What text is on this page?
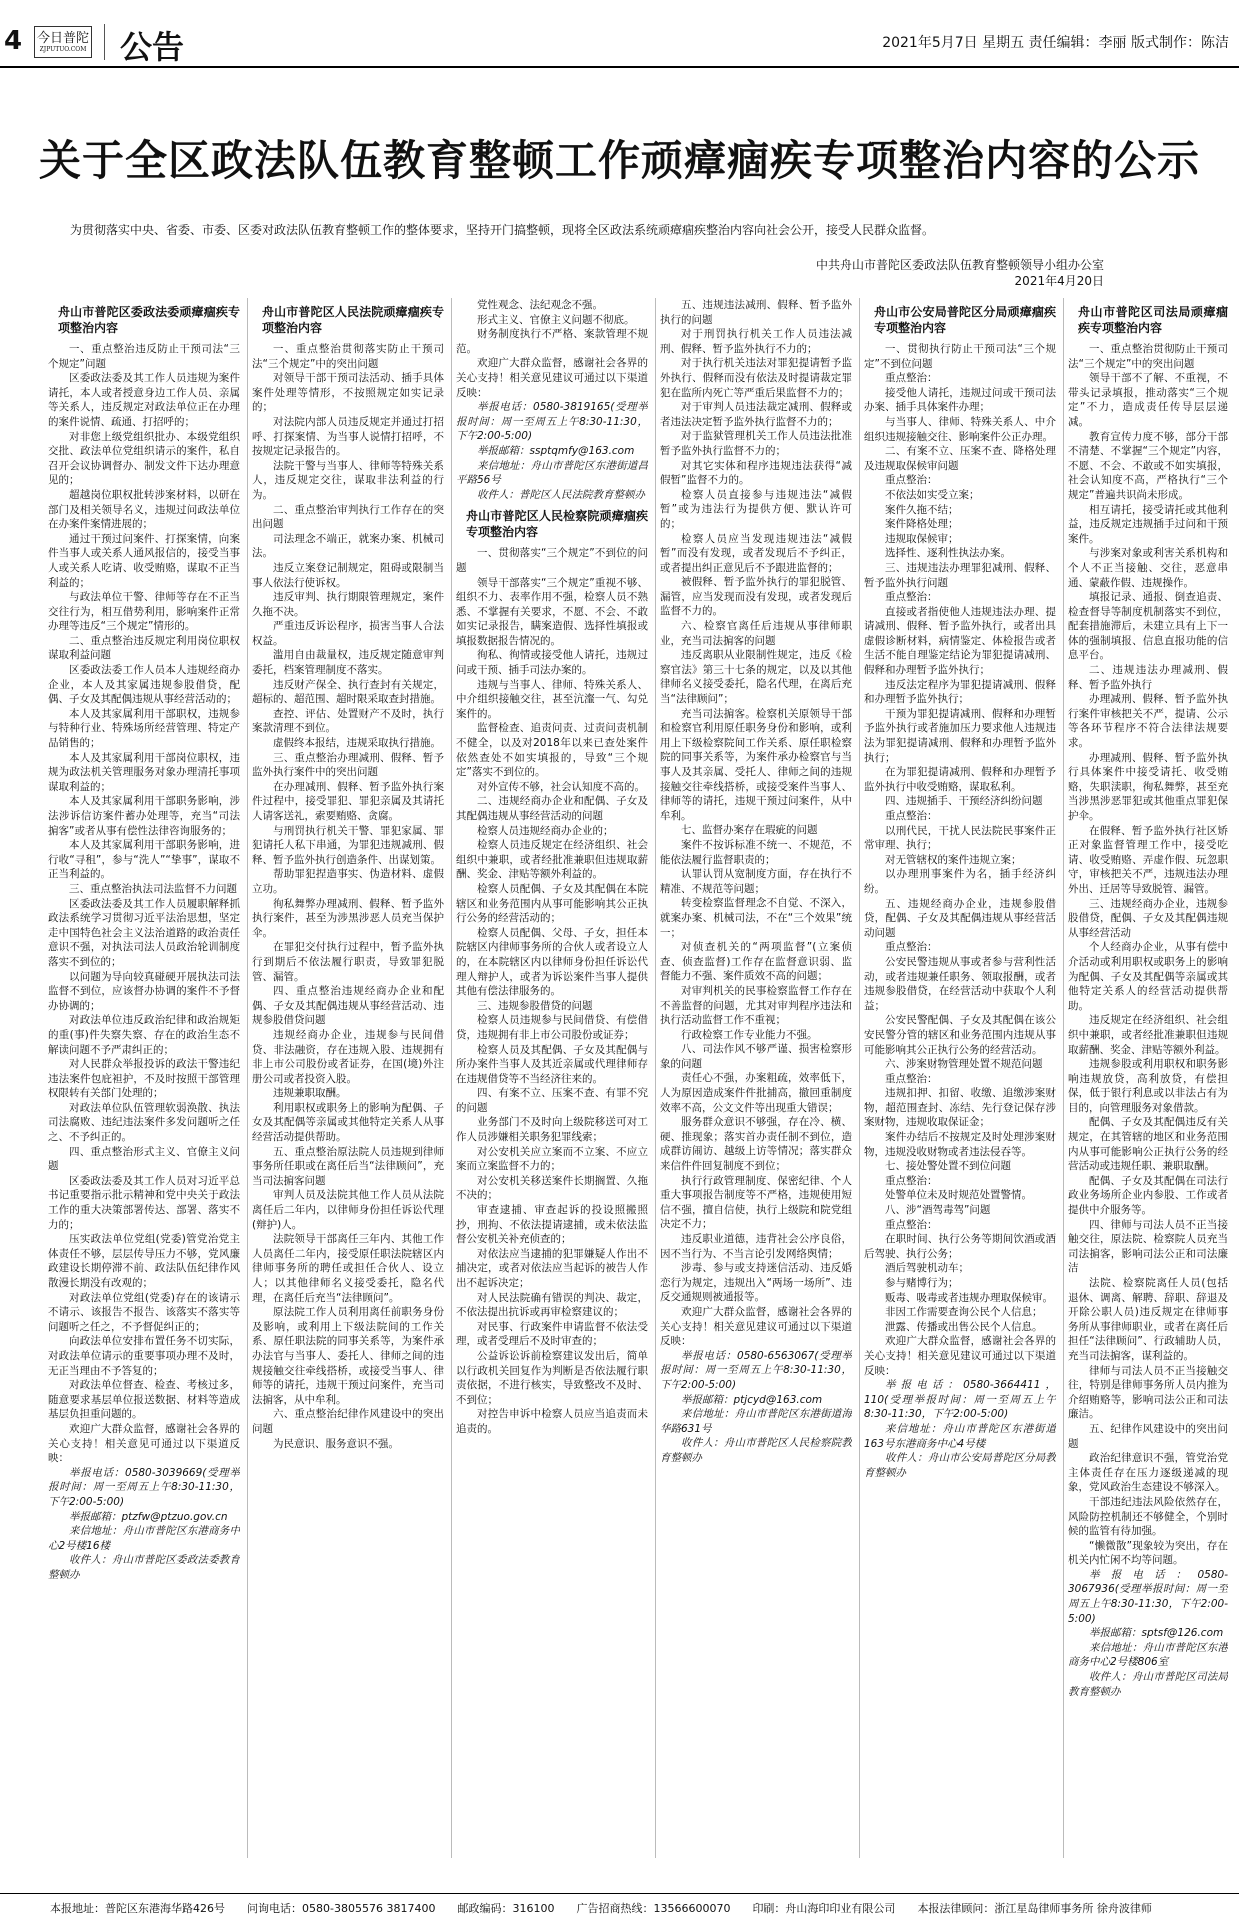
4 今日普陀
ZJPUTUO.COM 公告	2021年5月7日 星期五 责任编辑：李丽 版式制作：陈洁
关于全区政法队伍教育整顿工作顽瘴痼疾专项整治内容的公示
为贯彻落实中央、省委、市委、区委对政法队伍教育整顿工作的整体要求，坚持开门搞整顿，现将全区政法系统顽瘴痼疾整治内容向社会公开，接受人民群众监督。
中共舟山市普陀区委政法队伍教育整顿领导小组办公室
2021年4月20日
舟山市普陀区委政法委顽瘴痼疾专项整治内容

一、重点整治违反防止干预司法“三个规定”问题

区委政法委及其工作人员违规为案件请托，本人或者授意身边工作人员、亲属等关系人，违反规定对政法单位正在办理的案件说情、疏通、打招呼的；

对非您上级党组织批办、本级党组织交批、政法单位党组织请示的案件，私自召开会议协调督办、制发文件下达办理意见的；

超越岗位职权批转涉案材料，以研在部门及相关领导名义，违规过问政法单位在办案件案情进展的；

通过干预过问案件、打探案情，向案件当事人或关系人通风报信的，接受当事人或关系人吃请、收受贿赂，谋取不正当利益的；

与政法单位干警、律师等存在不正当交往行为，相互借势利用，影响案件正常办理等违反“三个规定”情形的。

二、重点整治违反规定利用岗位职权谋取利益问题

区委政法委工作人员本人违规经商办企业，本人及其家属违规参股借贷，配偶、子女及其配偶违规从事经营活动的；

本人及其家属利用干部职权，违规参与特种行业、特殊场所经营管理、特定产品销售的；

本人及其家属利用干部岗位职权，违规为政法机关管理服务对象办理清托事项谋取利益的；

本人及其家属利用干部职务影响，涉法涉诉信访案件蓄办处理等，充当“司法掮客”或者从事有偿性法律咨询服务的；

本人及其家属利用干部职务影响，进行收“寻租”，参与“洗人”“挚事”，谋取不正当利益的。

三、重点整治执法司法监督不力问题

区委政法委及其工作人员履职解释抓政法系统学习贯彻习近平法治思想，坚定走中国特色社会主义法治道路的政治责任意识不强，对执法司法人员政治轮训制度落实不到位的；

以问题为导向较真碰硬开展执法司法监督不到位，应该督办协调的案件不予督办协调的；

对政法单位违反政治纪律和政治规矩的重(事)件失察失察、存在的政治生态不解读问题不予严肃纠正的；

对人民群众举报投诉的政法干警违纪违法案件包庇袒护，不及时按照干部管理权限转有关部门处理的；

对政法单位队伍管理软弱涣散、执法司法腐败、违纪违法案件多发问题听之任之、不予纠正的。

四、重点整治形式主义、官僚主义问题

区委政法委及其工作人员对习近平总书记重要指示批示精神和党中央关于政法工作的重大决策部署传达、部署、落实不力的；

压实政法单位党组(党委)管党治党主体责任不够，层层传导压力不够，党风廉政建设长期停滞不前、政法队伍纪律作风散漫长期没有改观的；

对政法单位党组(党委)存在的该请示不请示、该报告不报告、该落实不落实等问题听之任之，不予督促纠正的；

向政法单位安排布置任务不切实际，对政法单位请示的重要事项办理不及时，无正当理由不予答复的；

对政法单位督查、检查、考核过多，随意要求基层单位报送数据、材料等造成基层负担重问题的。

欢迎广大群众监督，感谢社会各界的关心支持！相关意见可通过以下渠道反映：

举报电话：0580-3039669(受理举报时间：周一至周五上午8:30-11:30，下午2:00-5:00)

举报邮箱：ptzfw@ptzuo.gov.cn

来信地址：舟山市普陀区东港商务中心2号楼16楼

收件人：舟山市普陀区委政法委教育整顿办

舟山市普陀区人民法院顽瘴痼疾专项整治内容

一、重点整治贯彻落实防止干预司法“三个规定”中的突出问题

对领导干部干预司法活动、插手具体案件处理等情形，不按照规定如实记录的；

对法院内部人员违反规定并通过打招呼、打探案情、为当事人说情打招呼，不按规定记录报告的。

法院干警与当事人、律师等特殊关系人，违反规定交往，谋取非法利益的行为。

二、重点整治审判执行工作存在的突出问题

司法理念不端正，就案办案、机械司法。

违反立案登记制规定，阻碍或限制当事人依法行使诉权。

违反审判、执行期限管理规定，案件久拖不决。

严重违反诉讼程序，损害当事人合法权益。

滥用自由裁量权，违反规定随意审判委托，档案管理制度不落实。

违反财产保全、执行查封有关规定，超标的、超范围、超时限采取查封措施。

查控、评估、处置财产不及时，执行案款清理不到位。

虚假终本报结，违规采取执行措施。

三、重点整治办理减刑、假释、暂予监外执行案件中的突出问题

在办理减刑、假释、暂予监外执行案件过程中，接受罪犯、罪犯亲属及其请托人请客送礼，索要贿赂、贪腐。

与刑罚执行机关干警、罪犯家属、罪犯请托人私下串通，为罪犯违规减刑、假释、暂予监外执行创造条件、出谋划策。

帮助罪犯捏造事实、伪造材料、虚假立功。

徇私舞弊办理减刑、假释、暂予监外执行案件，甚至为涉黑涉恶人员充当保护伞。

在罪犯交付执行过程中，暂予监外执行到期后不依法履行职责，导致罪犯脱管、漏管。

四、重点整治违规经商办企业和配偶、子女及其配偶违规从事经营活动、违规参股借贷问题

违规经商办企业，违规参与民间借贷、非法融资，存在违规入股、违规拥有非上市公司股份或者证券，在国(境)外注册公司或者投资入股。

违规兼职取酬。

利用职权或职务上的影响为配偶、子女及其配偶等亲属或其他特定关系人从事经营活动提供帮助。

五、重点整治原法院人员违规到律师事务所任职或在离任后当“法律顾问”，充当司法掮客问题

审判人员及法院其他工作人员从法院离任后二年内，以律师身份担任诉讼代理(辩护)人。

法院领导干部离任三年内、其他工作人员离任二年内，接受原任职法院辖区内律师事务所的聘任或担任合伙人、设立人；以其他律师名义接受委托，隐名代理，在离任后充当“法律顾问”。

原法院工作人员利用离任前职务身份及影响，或利用上下级法院间的工作关系、原任职法院的同事关系等，为案件承办法官与当事人、委托人、律师之间的违规接触交往牵线搭桥，或接受当事人、律师等的请托，违规干预过问案件，充当司法掮客，从中牟利。

六、重点整治纪律作风建设中的突出问题

为民意识、服务意识不强。

党性观念、法纪观念不强。

形式主义、官僚主义问题不彻底。

财务制度执行不严格、案款管理不规范。

欢迎广大群众监督，感谢社会各界的关心支持！相关意见建议可通过以下渠道反映：

举报电话：0580-3819165(受理举报时间：周一至周五上午8:30-11:30，下午2:00-5:00)

举报邮箱：ssptqmfy@163.com

来信地址：舟山市普陀区东港街道昌平路56号

收件人：普陀区人民法院教育整顿办

舟山市普陀区人民检察院顽瘴痼疾专项整治内容

一、贯彻落实“三个规定”不到位的问题

领导干部落实“三个规定”重视不够、组织不力、表率作用不强，检察人员不熟悉、不掌握有关要求，不愿、不会、不敢如实记录报告，瞒案造假、选择性填报或填报数据报告情况的。

徇私、徇情或接受他人请托，违规过问或干预、插手司法办案的。

违规与当事人、律师、特殊关系人、中介组织接触交往，甚至沆瀣一气、勾兑案件的。

监督检查、追责问责、过责问责机制不健全，以及对2018年以来已查处案件依然查处不如实填报的，导致“三个规定”落实不到位的。

对外宣传不够，社会认知度不高的。

二、违规经商办企业和配偶、子女及其配偶违规从事经营活动的问题

检察人员违规经商办企业的；

检察人员违反规定在经济组织、社会组织中兼职，或者经批准兼职但违规取薪酬、奖金、津贴等额外利益的。

检察人员配偶、子女及其配偶在本院辖区和业务范围内从事可能影响其公正执行公务的经营活动的；

检察人员配偶、父母、子女，担任本院辖区内律师事务所的合伙人或者设立人的，在本院辖区内以律师身份担任诉讼代理人辩护人，或者为诉讼案件当事人提供其他有偿法律服务的。

三、违规参股借贷的问题

检察人员违规参与民间借贷、有偿借贷，违规拥有非上市公司股份或证券；

检察人员及其配偶、子女及其配偶与所办案件当事人及其近亲属或代理律师存在违规借贷等不当经济往来的。

四、有案不立、压案不查、有罪不究的问题

业务部门不及时向上级院移送可对工作人员涉嫌相关职务犯罪线索；

对公安机关应立案而不立案、不应立案而立案监督不力的；

对公安机关移送案件长期搁置、久拖不决的；

审查逮捕、审查起诉的投设照搬照抄，刑拘、不依法提请逮捕，或未依法监督公安机关补充侦查的；

对依法应当逮捕的犯罪嫌疑人作出不捕决定，或者对依法应当起诉的被告人作出不起诉决定；

对人民法院确有错误的判决、裁定，不依法提出抗诉或再审检察建议的；

对民事、行政案件申请监督不依法受理，或者受理后不及时审查的；

公益诉讼诉前检察建议发出后，简单以行政机关回复作为判断是否依法履行职责依据，不进行核实，导致整改不及时、不到位；

对控告申诉中检察人员应当追责而未追责的。

五、违规违法减刑、假释、暂予监外执行的问题

对于刑罚执行机关工作人员违法减刑、假释、暂予监外执行不力的；

对于执行机关违法对罪犯提请暂予监外执行、假释而没有依法及时提请裁定罪犯在监所内死亡等严重后果监督不力的；

对于审判人员违法裁定减刑、假释或者违法决定暂予监外执行监督不力的；

对于监狱管理机关工作人员违法批准暂予监外执行监督不力的；

对其它实体和程序违规违法获得“减假暂”监督不力的。

检察人员直接参与违规违法“减假暂”或为违法行为提供方便、默认许可的；

检察人员应当发现违规违法“减假暂”而没有发现，或者发现后不予纠正，或者提出纠正意见后不予跟进监督的；

被假释、暂予监外执行的罪犯脱管、漏管，应当发现而没有发现，或者发现后监督不力的。

六、检察官离任后违规从事律师职业，充当司法掮客的问题

违反离职从业限制性规定，违反《检察官法》第三十七条的规定，以及以其他律师名义接受委托，隐名代理，在离后充当“法律顾问”；

充当司法掮客。检察机关原领导干部和检察官利用原任职务身份和影响，或利用上下级检察院间工作关系、原任职检察院的同事关系等，为案件承办检察官与当事人及其亲属、受托人、律师之间的违规接触交往牵线搭桥，或接受案件当事人、律师等的请托，违规干预过问案件，从中牟利。

七、监督办案存在瑕疵的问题

案件不按诉标准不统一、不规范，不能依法履行监督职责的；

认罪认罚从宽制度方面，存在执行不精准、不规范等问题；

转变检察监督理念不自觉、不深入，就案办案、机械司法，不在“三个效果”统一；

对侦查机关的“两项监督”(立案侦查、侦查监督)工作存在监督意识弱、监督能力不强、案件质效不高的问题；

对审判机关的民事检察监督工作存在不善监督的问题，尤其对审判程序违法和执行活动监督工作不重视；

行政检察工作专业能力不强。

八、司法作风不够严谨、损害检察形象的问题

责任心不强，办案粗疏，效率低下，人为原因造成案件件批捕高，撤回重制度效率不高，公文文件等出现重大错误；

服务群众意识不够强，存在冷、横、硬、推现象；落实首办责任制不到位，造成群访闹访、越级上访等情况；落实群众来信件件回复制度不到位；

执行行政管理制度、保密纪律、个人重大事项报告制度等不严格，违规使用短信不强，擅自信使，执行上级院和院党组决定不力；

违反职业道德，违背社会公序良俗，因不当行为、不当言论引发网络舆情；

涉毒、参与或支持迷信活动、违反婚恋行为规定，违规出入“两场一场所”、违反交通规则被通报等。

欢迎广大群众监督，感谢社会各界的关心支持！相关意见建议可通过以下渠道反映：

举报电话：0580-6563067(受理举报时间：周一至周五上午8:30-11:30，下午2:00-5:00)

举报邮箱：ptjcyd@163.com

来信地址：舟山市普陀区东港街道海华路631号

收件人：舟山市普陀区人民检察院教育整顿办

舟山市公安局普陀区分局顽瘴痼疾专项整治内容

一、贯彻执行防止干预司法“三个规定”不到位问题

重点整治：

接受他人请托，违规过问或干预司法办案、插手具体案件办理；

与当事人、律师、特殊关系人、中介组织违规接触交往、影响案件公正办理。

二、有案不立、压案不查、降格处理及违规取保候审问题

重点整治：

不依法如实受立案；

案件久拖不结；

案件降格处理；

违规取保候审；

选择性、逐利性执法办案。

三、违规违法办理罪犯减刑、假释、暂予监外执行问题

重点整治：

直接或者指使他人违规违法办理、提请减刑、假释、暂予监外执行，或者出具虚假诊断材料，病情鉴定、体检报告或者生活不能自理鉴定结论为罪犯提请减刑、假释和办理暂予监外执行；

违反法定程序为罪犯提请减刑、假释和办理暂予监外执行；

干预为罪犯提请减刑、假释和办理暂予监外执行或者施加压力要求他人违规违法为罪犯提请减刑、假释和办理暂予监外执行；

在为罪犯提请减刑、假释和办理暂予监外执行中收受贿赂，谋取私利。

四、违规插手、干预经济纠纷问题

重点整治：

以刑代民，干扰人民法院民事案件正常审理、执行；

对无管辖权的案件违规立案；

以办理刑事案件为名，插手经济纠纷。

五、违规经商办企业，违规参股借贷，配偶、子女及其配偶违规从事经营活动问题

重点整治：

公安民警违规从事或者参与营利性活动，或者违规兼任职务、领取报酬，或者违规参股借贷，在经营活动中获取个人利益；

公安民警配偶、子女及其配偶在该公安民警分管的辖区和业务范围内违规从事可能影响其公正执行公务的经营活动。

六、涉案财物管理处置不规范问题

重点整治：

违规扣押、扣留、收缴、追缴涉案财物，超范围查封、冻结、先行登记保存涉案财物，违规收取保证金；

案件办结后不按规定及时处理涉案财物，违规没收财物或者违法侵吞等。

七、接处警处置不到位问题

重点整治：

处警单位未及时规范处置警情。

八、涉“酒驾毒驾”问题

重点整治：

在职时间、执行公务等期间饮酒或酒后驾驶、执行公务；

酒后驾驶机动车；

参与赌博行为；

贩毒、吸毒或者违规办理取保候审。

非因工作需要查询公民个人信息；

泄露、传播或出售公民个人信息。

欢迎广大群众监督，感谢社会各界的关心支持！相关意见建议可通过以下渠道反映：

举报电话：0580-3664411，110(受理举报时间：周一至周五上午8:30-11:30，下午2:00-5:00)

来信地址：舟山市普陀区东港街道163号东港商务中心4号楼

收件人：舟山市公安局普陀区分局教育整顿办

舟山市普陀区司法局顽瘴痼疾专项整治内容

一、重点整治贯彻防止干预司法“三个规定”中的突出问题

领导干部不了解、不重视，不带头记录填报，推动落实“三个规定”不力，造成责任传导层层递减。

教育宣传力度不够，部分干部不清楚、不掌握“三个规定”内容，不愿、不会、不敢或不如实填报，社会认知度不高，严格执行“三个规定”普遍共识尚未形成。

相互请托，接受请托或其他利益，违反规定违规插手过问和干预案件。

与涉案对象或利害关系机构和个人不正当接触、交往，恶意串通、蒙蔽作假、违规操作。

填报记录、通报、倒查追责、检查督导等制度机制落实不到位，配套措施滞后，未建立具有上下一体的强制填报、信息直报功能的信息平台。

二、违规违法办理减刑、假释、暂予监外执行

办理减刑、假释、暂予监外执行案件审核把关不严，提请、公示等各环节程序不符合法律法规要求。

办理减刑、假释、暂予监外执行具体案件中接受请托、收受贿赂，失职渎职，徇私舞弊，甚至充当涉黑涉恶罪犯或其他重点罪犯保护伞。

在假释、暂予监外执行社区矫正对象监督管理工作中，接受吃请、收受贿赂、弄虚作假、玩忽职守，审核把关不严，违规违法办理外出、迁居等导致脱管、漏管。

三、违规经商办企业，违规参股借贷，配偶、子女及其配偶违规从事经营活动

个人经商办企业，从事有偿中介活动或利用职权或职务上的影响为配偶、子女及其配偶等亲属或其他特定关系人的经营活动提供帮助。

违反规定在经济组织、社会组织中兼职，或者经批准兼职但违规取薪酬、奖金、津贴等额外利益。

违规参股或利用职权和职务影响违规放贷，高利放贷，有偿担保，低于银行利息或以非法占有为目的，向管理服务对象借款。

配偶、子女及其配偶违反有关规定，在其管辖的地区和业务范围内从事可能影响公正执行公务的经营活动或违规任职、兼职取酬。

配偶、子女及其配偶在司法行政业务场所企业内参股、工作或者提供中介服务等。

四、律师与司法人员不正当接触交往，原法院、检察院人员充当司法掮客，影响司法公正和司法廉洁

法院、检察院离任人员(包括退休、调离、解聘、辞职、辞退及开除公职人员)违反规定在律师事务所从事律师职业，或者在离任后担任“法律顾问”、行政辅助人员，充当司法掮客，谋利益的。

律师与司法人员不正当接触交往，特别是律师事务所人员内推为介绍贿赂等，影响司法公正和司法廉洁。

五、纪律作风建设中的突出问题

政治纪律意识不强，管党治党主体责任存在压力逐级递减的现象，党风政治生态建设不够深入。

干部违纪违法风险依然存在，风险防控机制还不够健全，个别时候的监管有待加强。

“懒微散”现象较为突出，存在机关内忙闲不均等问题。

举报电话：0580-3067936(受理举报时间：周一至周五上午8:30-11:30，下午2:00-5:00)

举报邮箱：sptsf@126.com

来信地址：舟山市普陀区东港商务中心2号楼806室

收件人：舟山市普陀区司法局教育整顿办

本报地址：普陀区东港海华路426号 问询电话：0580-3805576 3817400 邮政编码：316100 广告招商热线：13566600070 印刷：舟山海印印业有限公司 本报法律顾问：浙江星岛律师事务所 徐舟波律师
